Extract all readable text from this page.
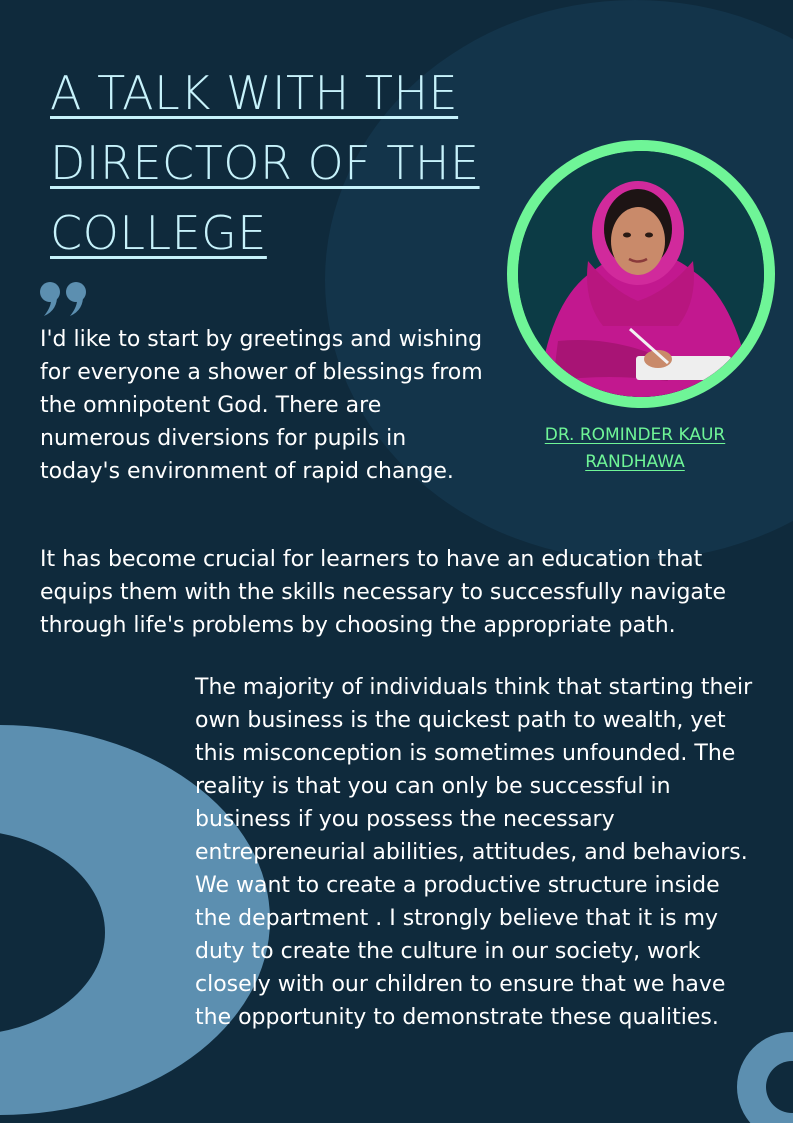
A TALK WITH THE
DIRECTOR OF THE
COLLEGE

I'd like to start by greetings and wishing for everyone a shower of blessings from the omnipotent God. There are numerous diversions for pupils in today's environment of rapid change.

DR. ROMINDER KAUR
RANDHAWA

It has become crucial for learners to have an education that equips them with the skills necessary to successfully navigate through life's problems by choosing the appropriate path.

The majority of individuals think that starting their own business is the quickest path to wealth, yet this misconception is sometimes unfounded. The reality is that you can only be successful in business if you possess the necessary entrepreneurial abilities, attitudes, and behaviors. We want to create a productive structure inside the department . I strongly believe that it is my duty to create the culture in our society, work closely with our children to ensure that we have the opportunity to demonstrate these qualities.
